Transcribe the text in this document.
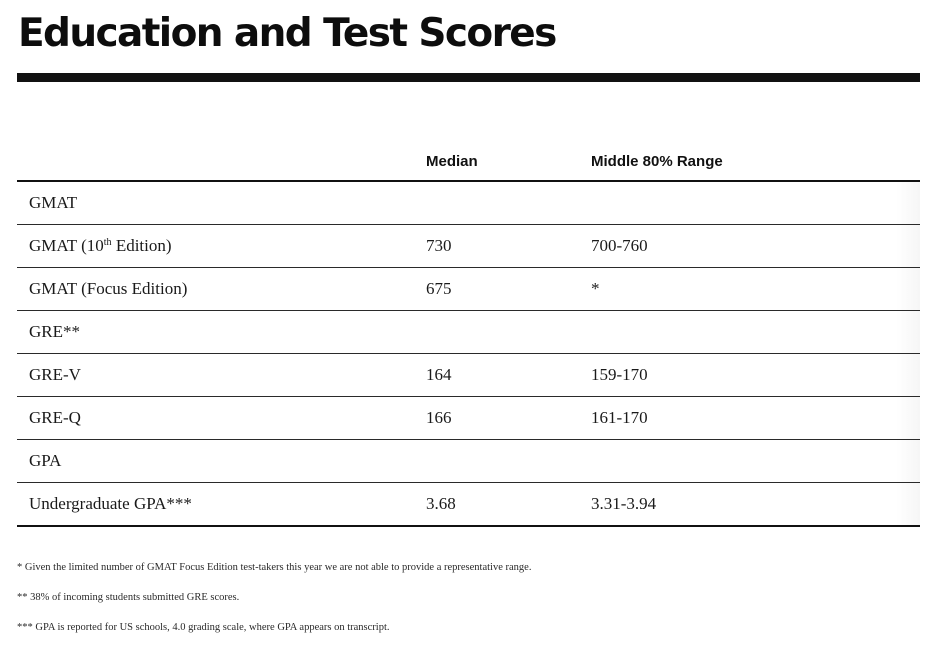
Education and Test Scores
	Median	Middle 80% Range
GMAT		
GMAT (10th Edition)	730	700-760
GMAT (Focus Edition)	675	*
GRE**		
GRE-V	164	159-170
GRE-Q	166	161-170
GPA		
Undergraduate GPA***	3.68	3.31-3.94
* Given the limited number of GMAT Focus Edition test-takers this year we are not able to provide a representative range.
** 38% of incoming students submitted GRE scores.
*** GPA is reported for US schools, 4.0 grading scale, where GPA appears on transcript.
